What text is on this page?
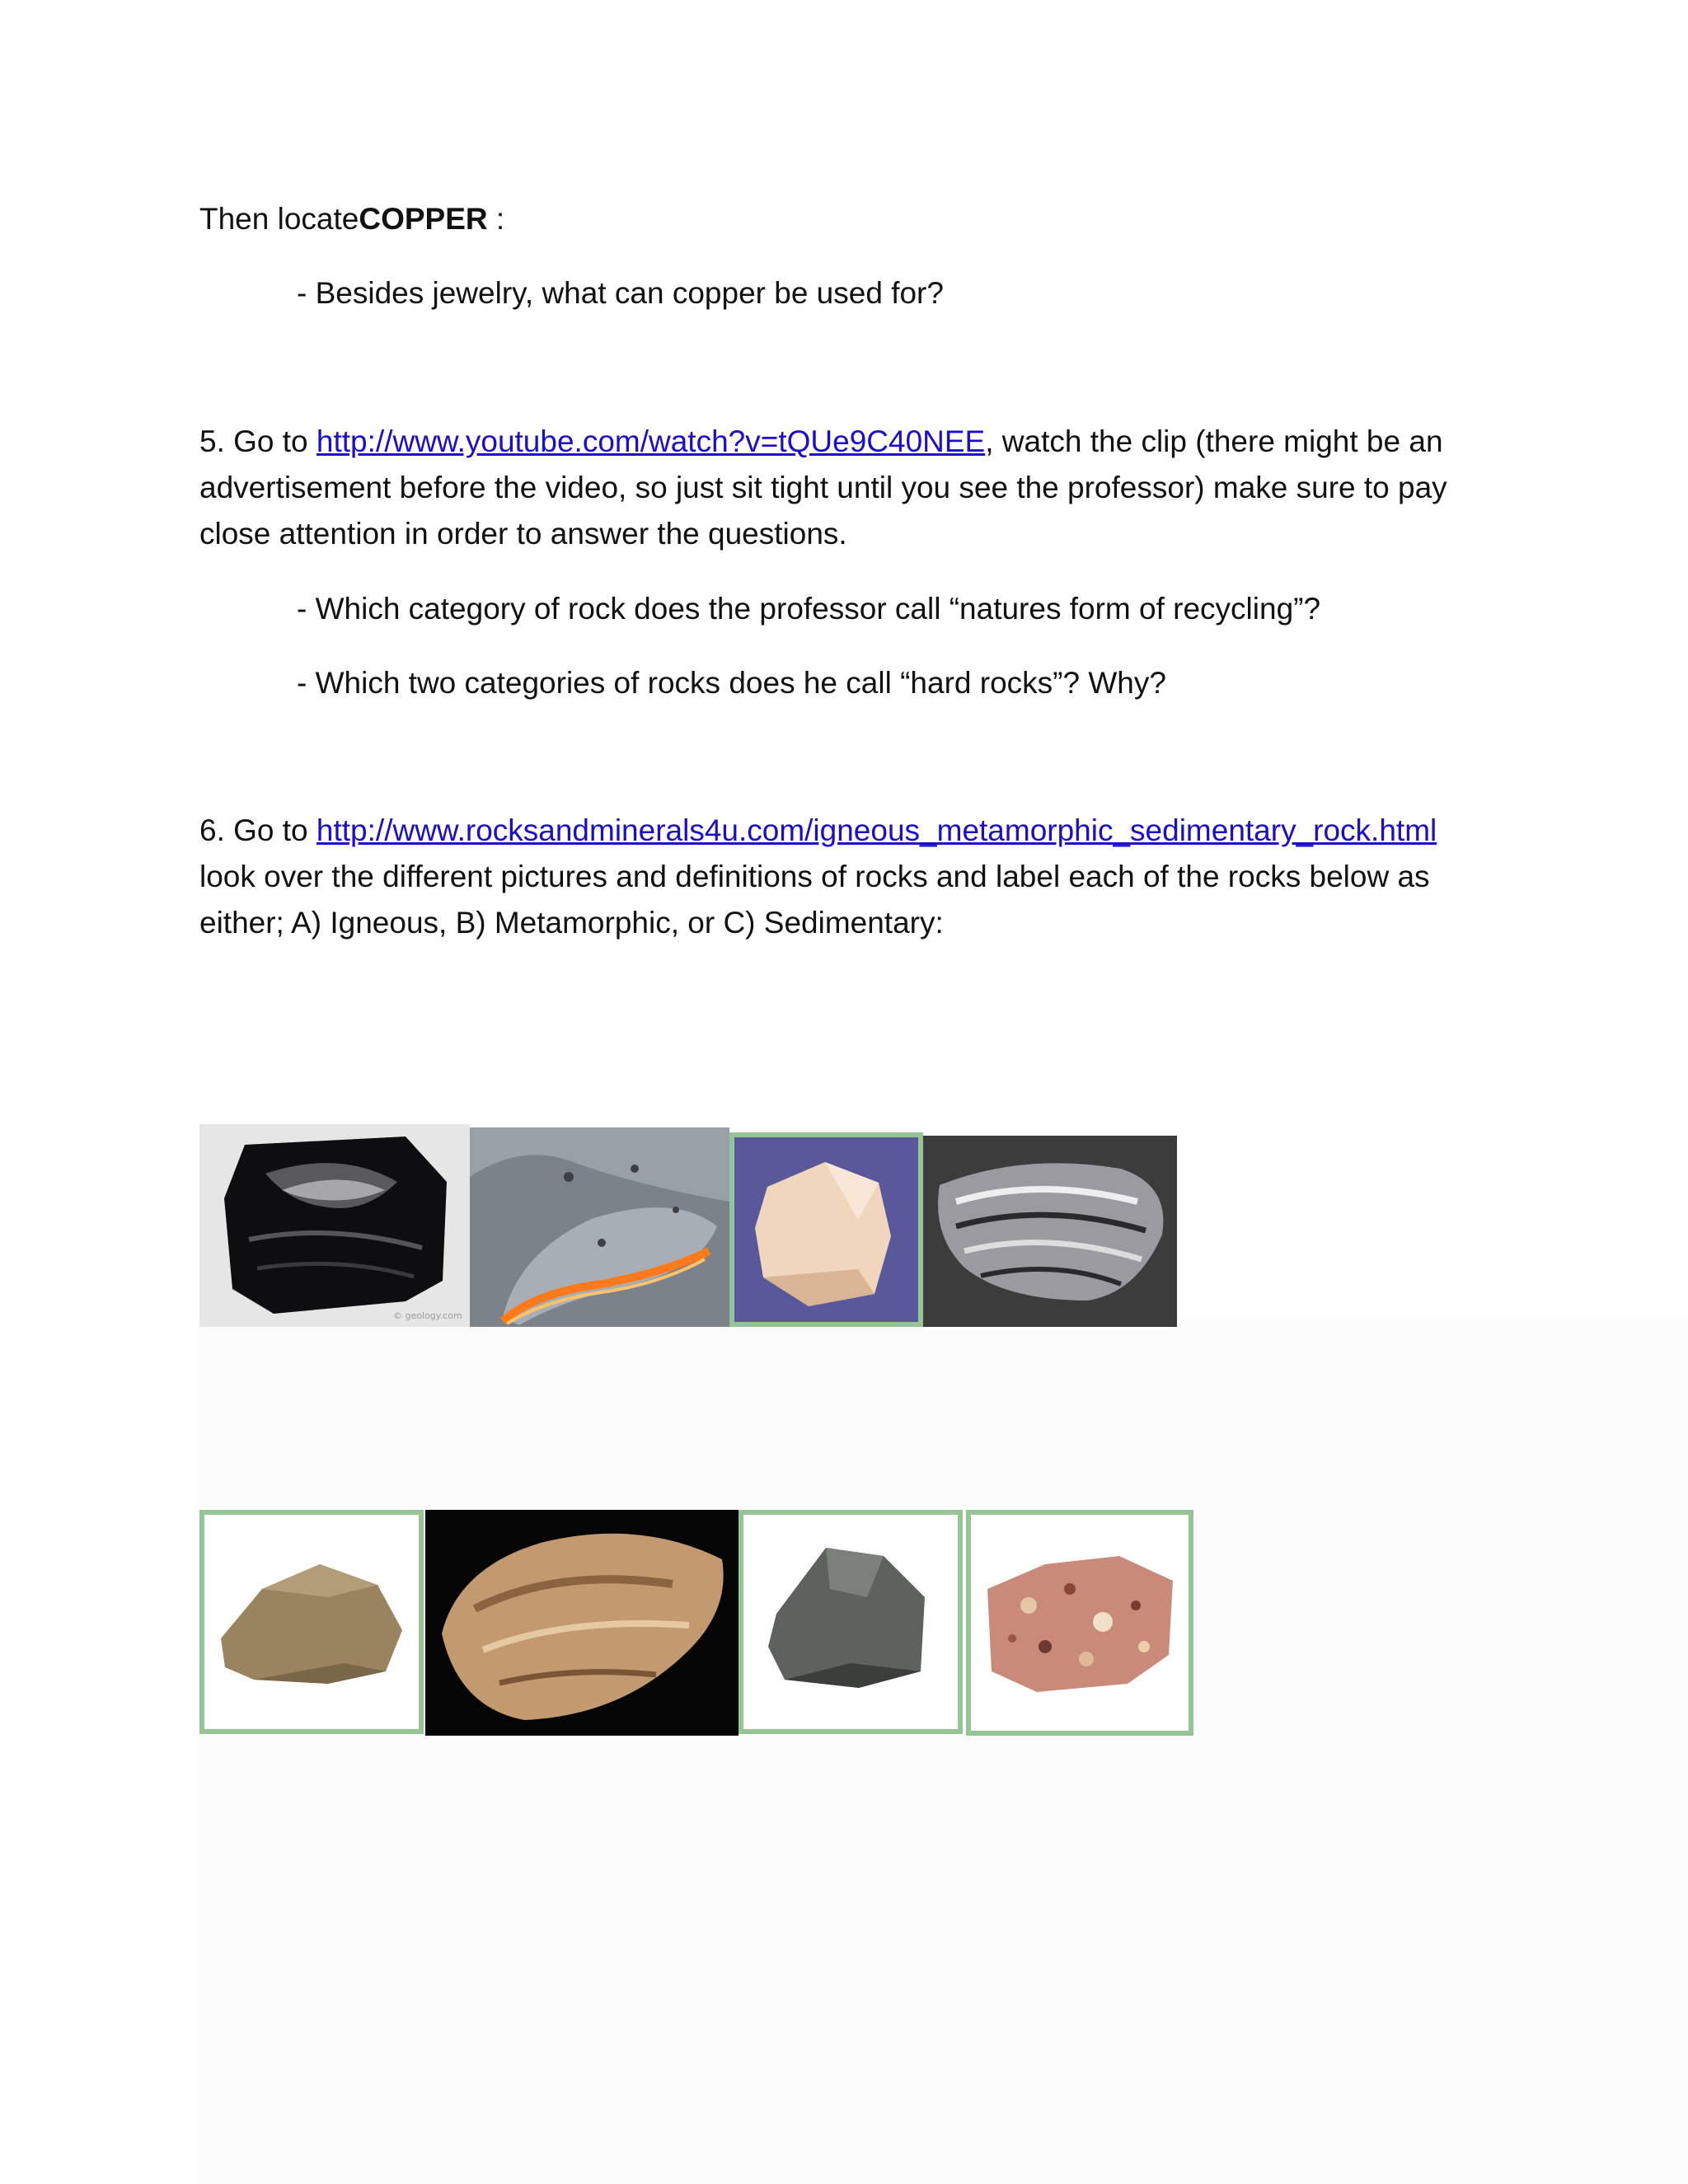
Then locateCOPPER :
- Besides jewelry, what can copper be used for?
5. Go to http://www.youtube.com/watch?v=tQUe9C40NEE, watch the clip (there might be an advertisement before the video, so just sit tight until you see the professor) make sure to pay close attention in order to answer the questions.
- Which category of rock does the professor call “natures form of recycling”?
- Which two categories of rocks does he call “hard rocks”? Why?
6. Go to http://www.rocksandminerals4u.com/igneous_metamorphic_sedimentary_rock.html
look over the different pictures and definitions of rocks and label each of the rocks below as either; A) Igneous, B) Metamorphic, or C) Sedimentary:
© geology.com
